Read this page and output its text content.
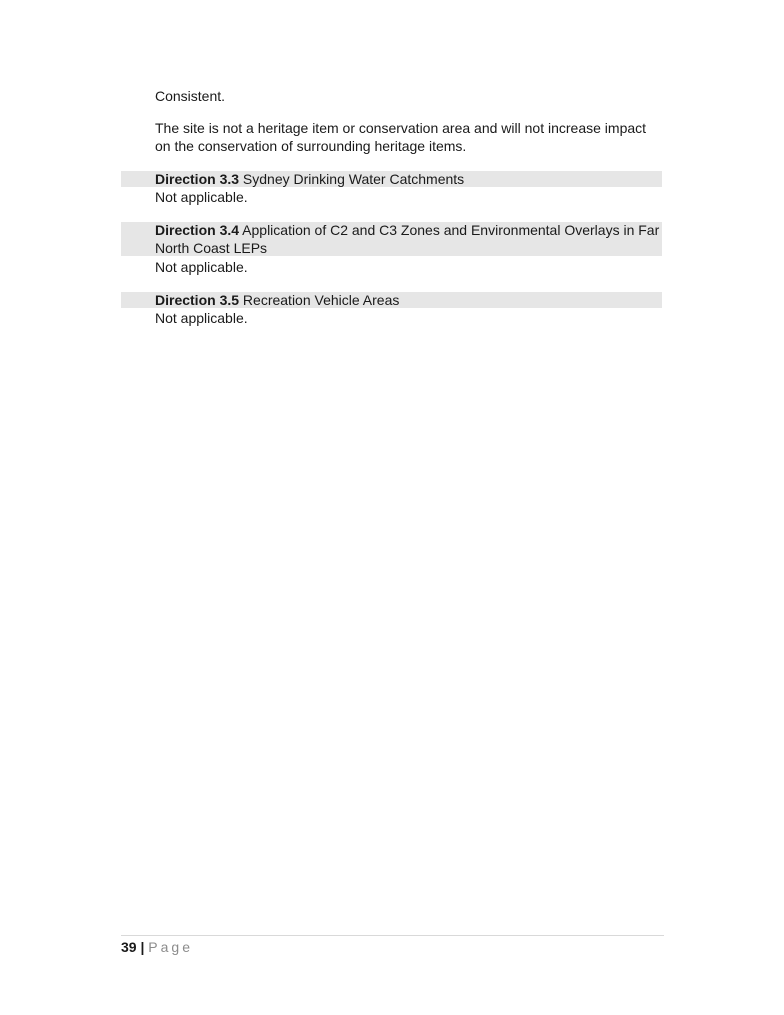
Consistent.

The site is not a heritage item or conservation area and will not increase impact on the conservation of surrounding heritage items.

Direction 3.3 Sydney Drinking Water Catchments

Not applicable.

Direction 3.4 Application of C2 and C3 Zones and Environmental Overlays in Far North Coast LEPs

Not applicable.

Direction 3.5 Recreation Vehicle Areas

Not applicable.

39 | Page
